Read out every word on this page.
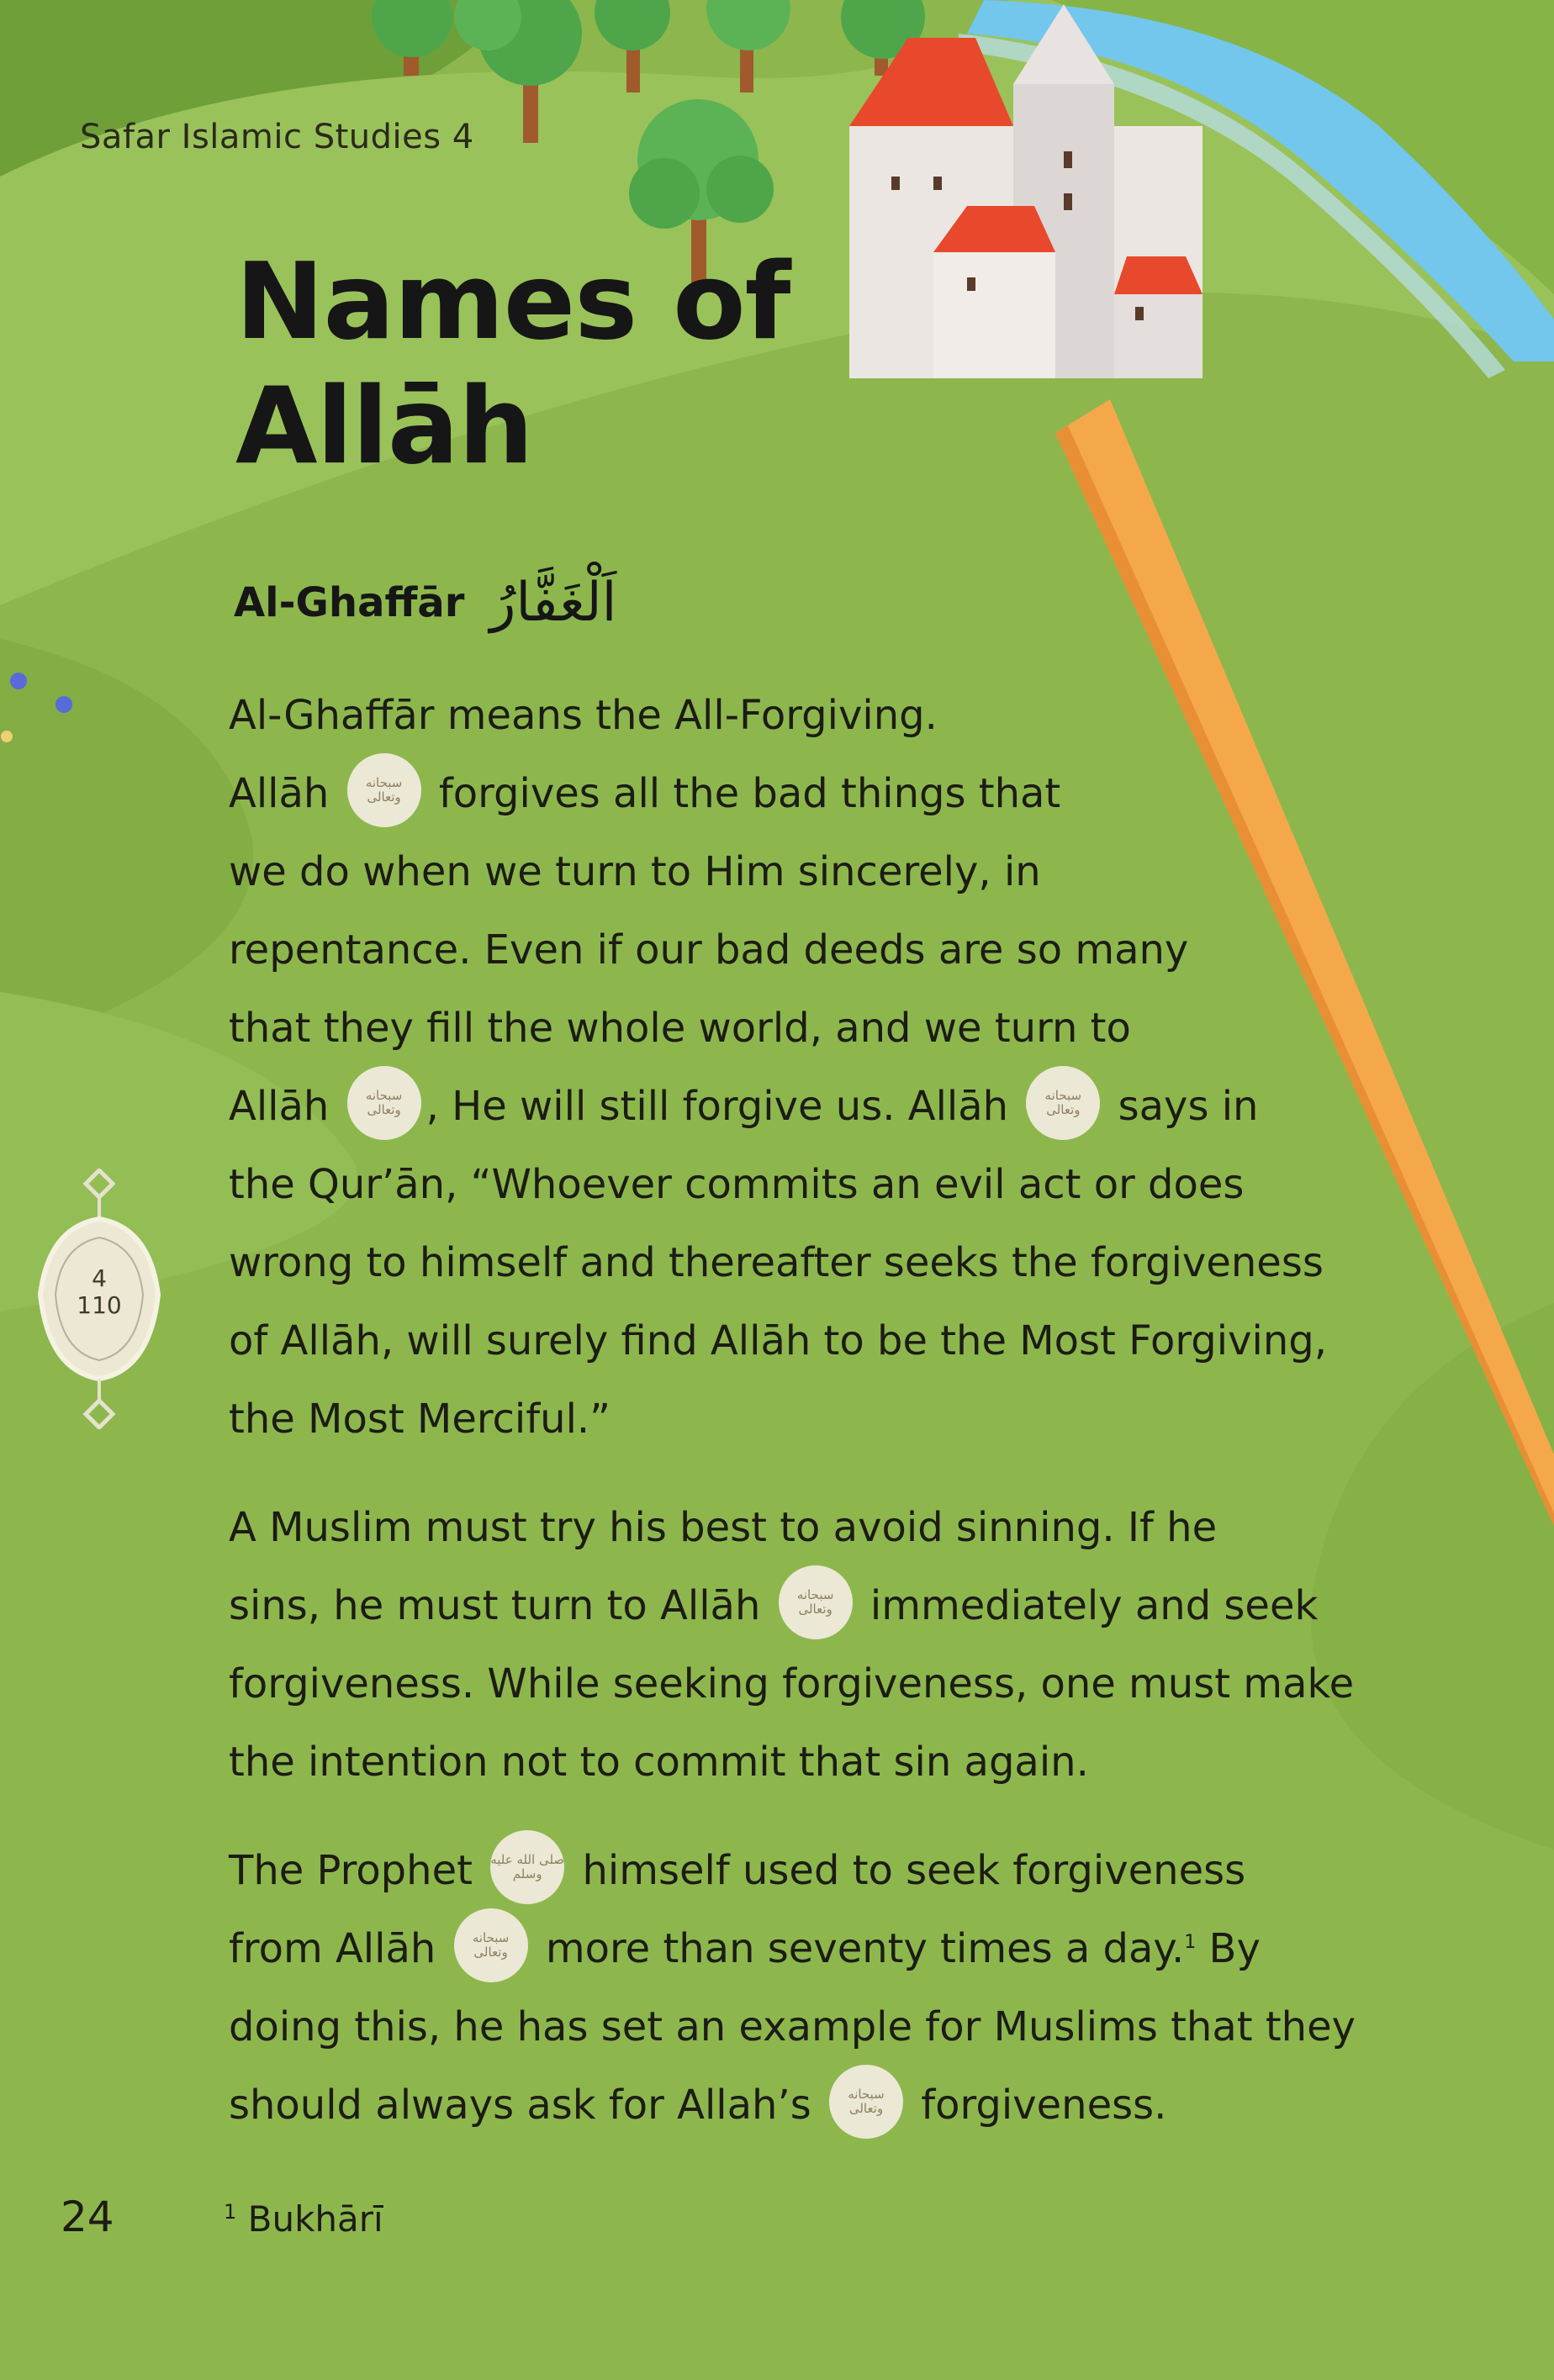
Safar Islamic Studies 4
Names of
Allāh
Al-Ghaffār اَلْغَفَّارُ
Al-Ghaffār means the All-Forgiving.
Allāh	سبحانه وتعالى forgives all the bad things that
we do when we turn to Him sincerely, in
repentance. Even if our bad deeds are so many
that they fill the whole world, and we turn to
Allāh	سبحانه وتعالى , He will still forgive us. Allāh	سبحانه وتعالى says in
the Qur’ān, “Whoever commits an evil act or does
wrong to himself and thereafter seeks the forgiveness
of Allāh, will surely find Allāh to be the Most Forgiving,
the Most Merciful.”
A Muslim must try his best to avoid sinning. If he
sins, he must turn to Allāh	سبحانه وتعالى immediately and seek
forgiveness. While seeking forgiveness, one must make
the intention not to commit that sin again.
The Prophet صلى الله عليه وسلم himself used to seek forgiveness
from Allāh	سبحانه وتعالى more than seventy times a day.$^1$ By
doing this, he has set an example for Muslims that they
should always ask for Allah’s	سبحانه وتعالى forgiveness.
4
110
24	$^1$ Bukhārī
